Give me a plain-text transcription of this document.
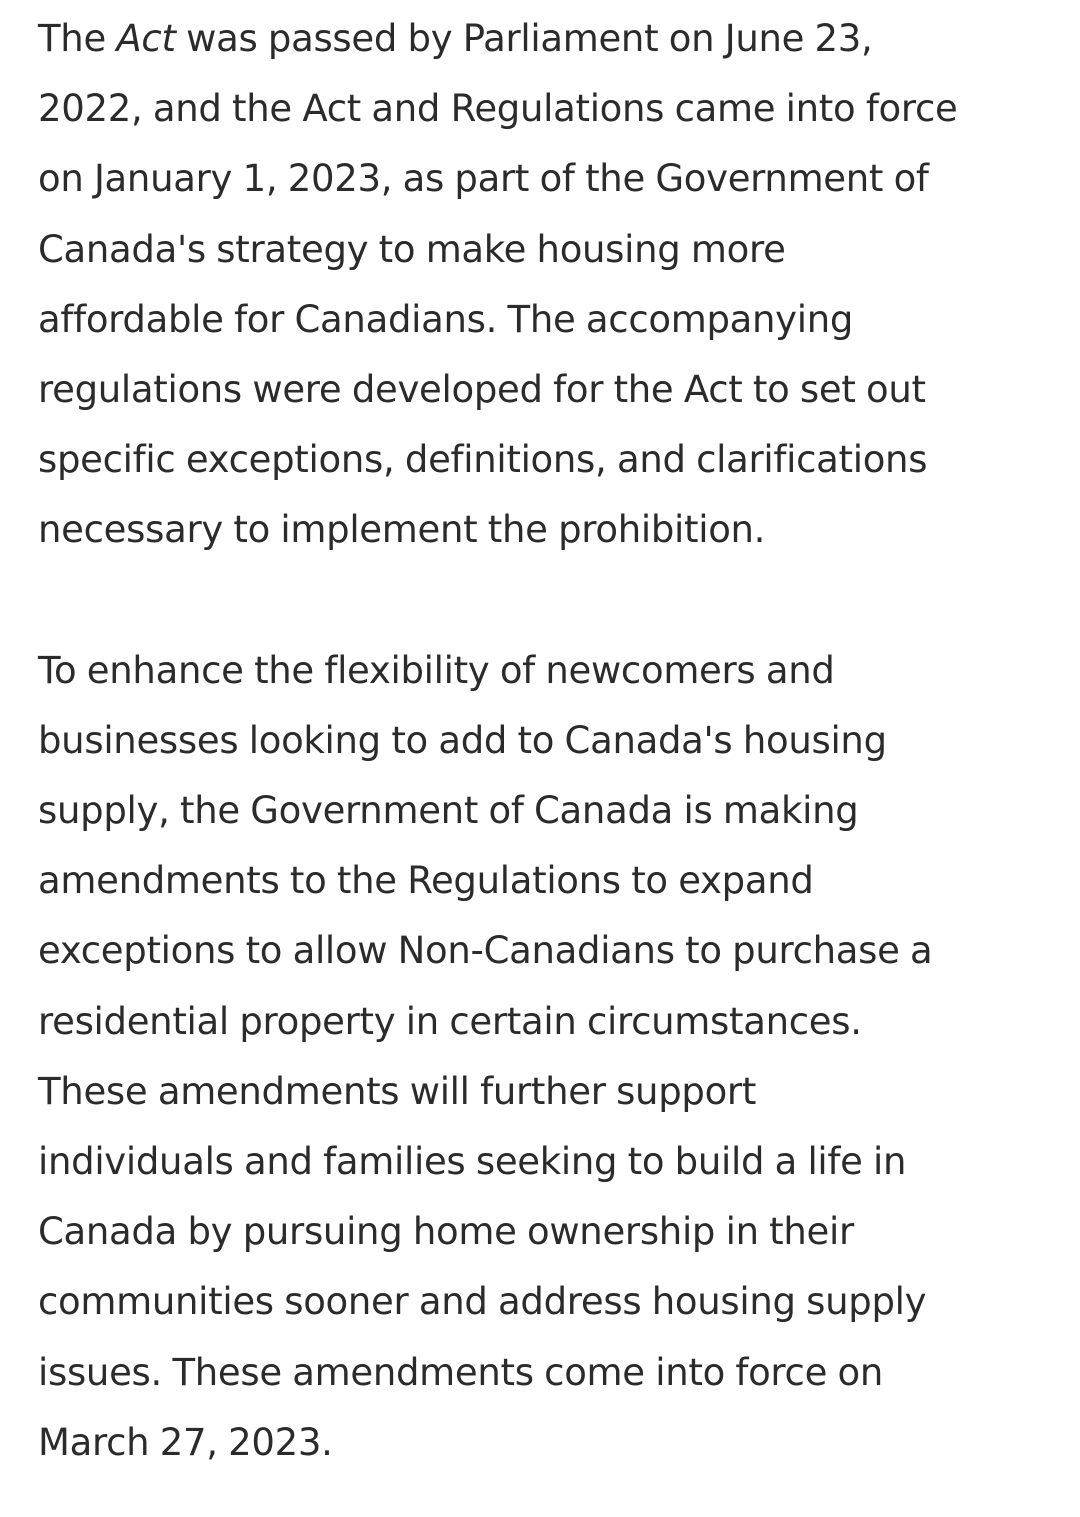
The Act was passed by Parliament on June 23,
2022, and the Act and Regulations came into force
on January 1, 2023, as part of the Government of
Canada's strategy to make housing more
affordable for Canadians. The accompanying
regulations were developed for the Act to set out
specific exceptions, definitions, and clarifications
necessary to implement the prohibition.

To enhance the flexibility of newcomers and
businesses looking to add to Canada's housing
supply, the Government of Canada is making
amendments to the Regulations to expand
exceptions to allow Non-Canadians to purchase a
residential property in certain circumstances.
These amendments will further support
individuals and families seeking to build a life in
Canada by pursuing home ownership in their
communities sooner and address housing supply
issues. These amendments come into force on
March 27, 2023.
